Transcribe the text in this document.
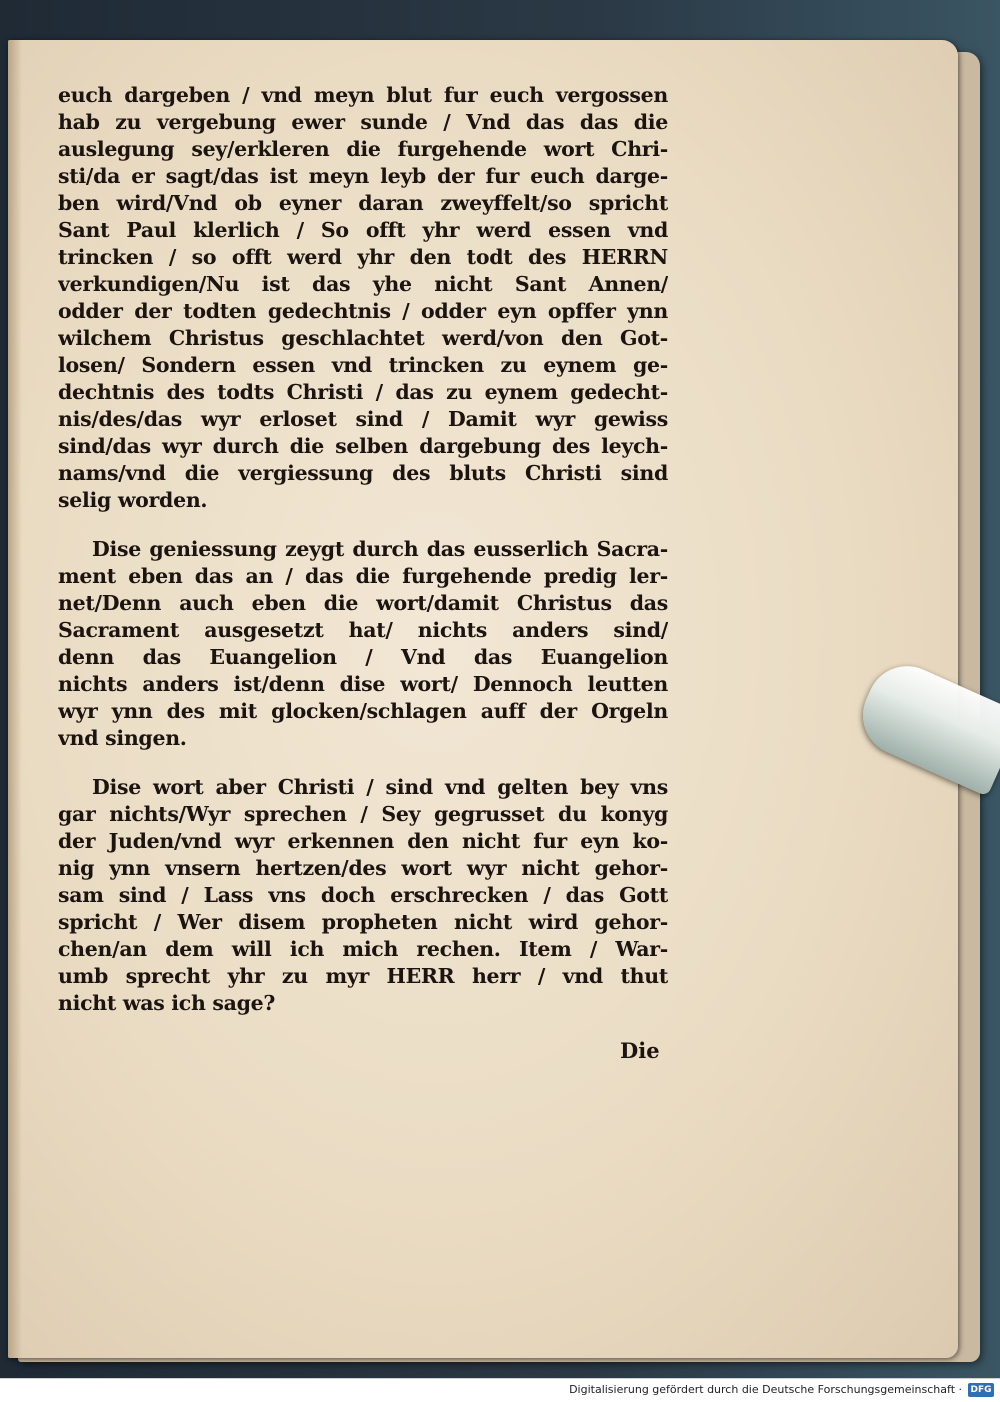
euch dargeben / vnd meyn blut fur euch vergossen
hab zu vergebung ewer sunde / Vnd das das die
auslegung sey/erkleren die furgehende wort Chri-
sti/da er sagt/das ist meyn leyb der fur euch darge-
ben wird/Vnd ob eyner daran zweyffelt/so spricht
Sant Paul klerlich / So offt yhr werd essen vnd
trincken / so offt werd yhr den todt des HERRN
verkundigen/Nu ist das yhe nicht Sant Annen/
odder der todten gedechtnis / odder eyn opffer ynn
wilchem Christus geschlachtet werd/von den Got-
losen/ Sondern essen vnd trincken zu eynem ge-
dechtnis des todts Christi / das zu eynem gedecht-
nis/des/das wyr erloset sind / Damit wyr gewiss
sind/das wyr durch die selben dargebung des leych-
nams/vnd die vergiessung des bluts Christi sind
selig worden.
Dise geniessung zeygt durch das eusserlich Sacra-
ment eben das an / das die furgehende predig ler-
net/Denn auch eben die wort/damit Christus das
Sacrament ausgesetzt hat/ nichts anders sind/
denn das Euangelion / Vnd das Euangelion
nichts anders ist/denn dise wort/ Dennoch leutten
wyr ynn des mit glocken/schlagen auff der Orgeln
vnd singen.
Dise wort aber Christi / sind vnd gelten bey vns
gar nichts/Wyr sprechen / Sey gegrusset du konyg
der Juden/vnd wyr erkennen den nicht fur eyn ko-
nig ynn vnsern hertzen/des wort wyr nicht gehor-
sam sind / Lass vns doch erschrecken / das Gott
spricht / Wer disem propheten nicht wird gehor-
chen/an dem will ich mich rechen. Item / War-
umb sprecht yhr zu myr HERR herr / vnd thut
nicht was ich sage?
Die
Digitalisierung gefördert durch die Deutsche Forschungsgemeinschaft · DFG
